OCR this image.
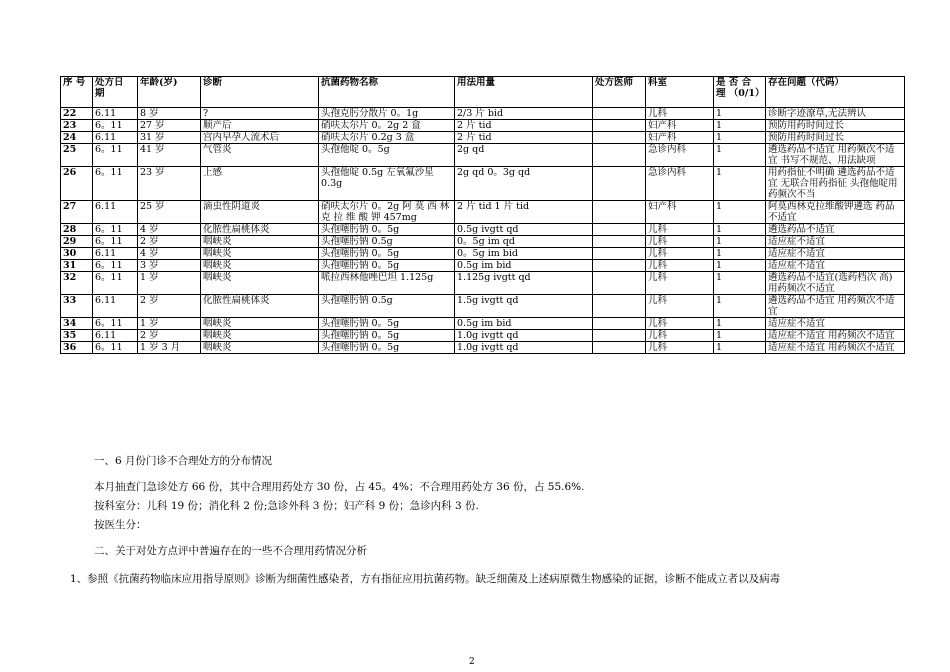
序 号	处方日 期	年龄(岁)	诊断	抗菌药物名称	用法用量	处方医师	科室	是 否 合 理 （0/1）	存在问题（代码）
22	6.11	8 岁	?	头孢克肟分散片 0。1g	2/3 片 bid		儿科	1	诊断字迹潦草,无法辨认
23	6。11	27 岁	顺产后	硝呋太尔片 0。2g 2 盒	2 片 tid		妇产科	1	预防用药时间过长
24	6.11	31 岁	宫内早孕人流术后	硝呋太尔片 0.2g 3 盒	2 片 tid		妇产科	1	预防用药时间过长
25	6。11	41 岁	气管炎	头孢他啶 0。5g	2g qd		急诊内科	1	遴选药品不适宜 用药频次不适宜 书写不规范、用法缺项
26	6。11	23 岁	上感	头孢他啶 0.5g 左氧氟沙星 0.3g	2g qd 0。3g qd		急诊内科	1	用药指征不明确 遴选药品不适宜 无联合用药指征 头孢他啶用药频次不当
27	6.11	25 岁	滴虫性阴道炎	硝呋太尔片 0。2g 阿 莫 西 林 克 拉 维 酸 钾 457mg	2 片 tid 1 片 tid		妇产科	1	阿莫西林克拉维酸钾遴选 药品不适宜
28	6。11	4 岁	化脓性扁桃体炎	头孢噻肟钠 0。5g	0.5g ivgtt qd		儿科	1	遴选药品不适宜
29	6。11	2 岁	咽峡炎	头孢噻肟钠 0.5g	0。5g im qd		儿科	1	适应症不适宜
30	6.11	4 岁	咽峡炎	头孢噻肟钠 0。5g	0。5g im bid		儿科	1	适应症不适宜
31	6。11	3 岁	咽峡炎	头孢噻肟钠 0。5g	0.5g im bid		儿科	1	适应症不适宜
32	6。11	1 岁	咽峡炎	哌拉西林他唑巴坦 1.125g	1.125g ivgtt qd		儿科	1	遴选药品不适宜(选药档次 高) 用药频次不适宜
33	6.11	2 岁	化脓性扁桃体炎	头孢噻肟钠 0.5g	1.5g ivgtt qd		儿科	1	遴选药品不适宜 用药频次不适宜
34	6。11	1 岁	咽峡炎	头孢噻肟钠 0。5g	0.5g im bid		儿科	1	适应症不适宜
35	6.11	2 岁	咽峡炎	头孢噻肟钠 0。5g	1.0g ivgtt qd		儿科	1	适应症不适宜 用药频次不适宜
36	6。11	1 岁 3 月	咽峡炎	头孢噻肟钠 0。5g	1.0g ivgtt qd		儿科	1	适应症不适宜 用药频次不适宜
一、6 月份门诊不合理处方的分布情况
本月抽查门急诊处方 66 份，其中合理用药处方 30 份，占 45。4%；不合理用药处方 36 份，占 55.6%.
按科室分：儿科 19 份；消化科 2 份;急诊外科 3 份；妇产科 9 份；急诊内科 3 份.
按医生分：
二、关于对处方点评中普遍存在的一些不合理用药情况分析
1、参照《抗菌药物临床应用指导原则》诊断为细菌性感染者，方有指征应用抗菌药物。缺乏细菌及上述病原微生物感染的证据，诊断不能成立者以及病毒
2
